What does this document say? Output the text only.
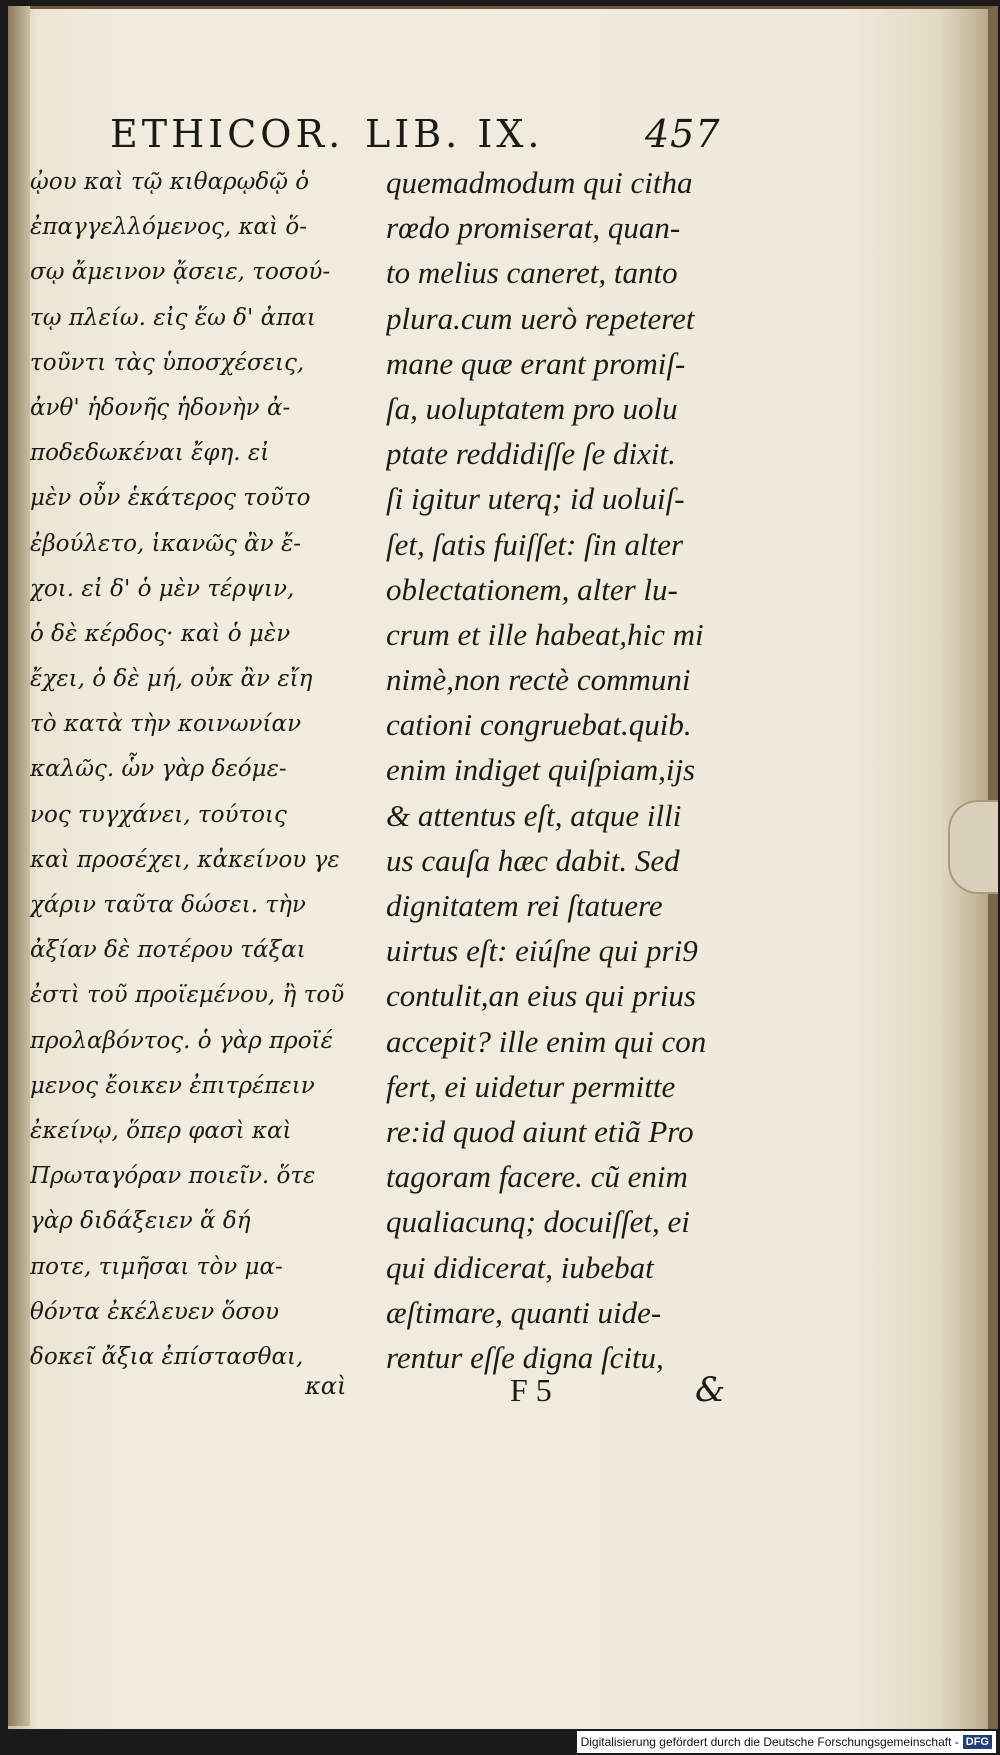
ETHICOR. LIB. IX.	457
ᾠου καὶ τῷ κιθαρῳδῷ ὁ
ἐπαγγελλόμενος, καὶ ὅ-
σῳ ἄμεινον ᾄσειε, τοσού-
τῳ πλείω. εἰς ἕω δ' ἀπαι
τοῦντι τὰς ὑποσχέσεις,
ἀνθ' ἡδονῆς ἡδονὴν ἀ-
ποδεδωκέναι ἔφη. εἰ
μὲν οὖν ἑκάτερος τοῦτο
ἐβούλετο, ἱκανῶς ἂν ἔ-
χοι. εἰ δ' ὁ μὲν τέρψιν,
ὁ δὲ κέρδος· καὶ ὁ μὲν
ἔχει, ὁ δὲ μή, οὐκ ἂν εἴη
τὸ κατὰ τὴν κοινωνίαν
καλῶς. ὧν γὰρ δεόμε-
νος τυγχάνει, τούτοις
καὶ προσέχει, κἀκείνου γε
χάριν ταῦτα δώσει. τὴν
ἀξίαν δὲ ποτέρου τάξαι
ἐστὶ τοῦ προϊεμένου, ἢ τοῦ
προλαβόντος. ὁ γὰρ προϊέ
μενος ἔοικεν ἐπιτρέπειν
ἐκείνῳ, ὅπερ φασὶ καὶ
Πρωταγόραν ποιεῖν. ὅτε
γὰρ διδάξειεν ἅ δή
ποτε, τιμῆσαι τὸν μα-
θόντα ἐκέλευεν ὅσου
δοκεῖ ἄξια ἐπίστασθαι,
quemadmodum qui citha
rœdo promiserat, quan-
to melius caneret, tanto
plura.cum uerò repeteret
mane quæ erant promiſ-
ſa, uoluptatem pro uolu
ptate reddidiſſe ſe dixit.
ſi igitur uterq; id uoluiſ-
ſet, ſatis fuiſſet: ſin alter
oblectationem, alter lu-
crum et ille habeat,hic mi
nimè,non rectè communi
cationi congruebat.quib.
enim indiget quiſpiam,ijs
& attentus eſt, atque illi
us cauſa hæc dabit. Sed
dignitatem rei ſtatuere
uirtus eſt: eiúſne qui pri9
contulit,an eius qui prius
accepit? ille enim qui con
fert, ei uidetur permitte
re:id quod aiunt etiã Pro
tagoram facere. cũ enim
qualiacunq; docuiſſet, ei
qui didicerat, iubebat
æſtimare, quanti uide-
rentur eſſe digna ſcitu,
καὶ	F 5	&
Digitalisierung gefördert durch die Deutsche Forschungsgemeinschaft - DFG
